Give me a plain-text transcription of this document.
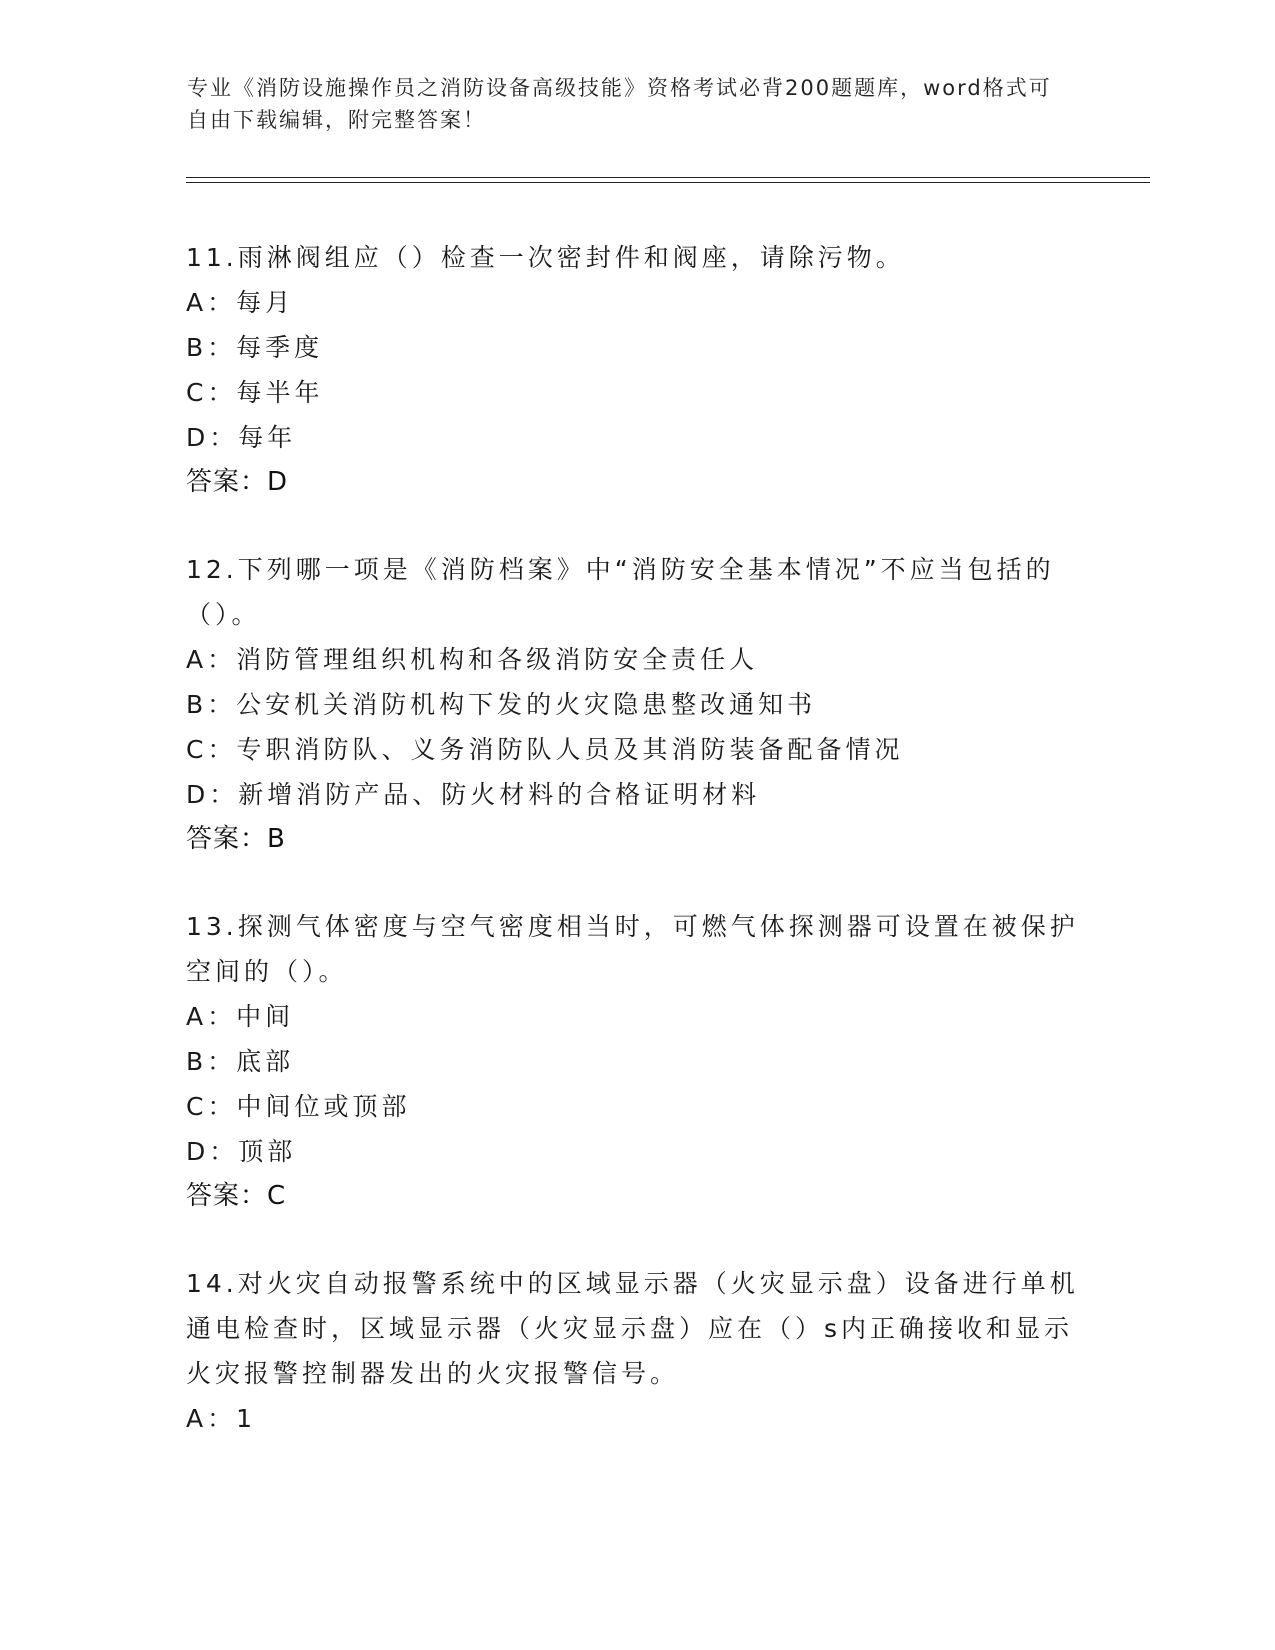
专业《消防设施操作员之消防设备高级技能》资格考试必背200题题库，word格式可自由下载编辑，附完整答案！

11.雨淋阀组应（）检查一次密封件和阀座，请除污物。

A：每月

B：每季度

C：每半年

D：每年

答案：D

12.下列哪一项是《消防档案》中“消防安全基本情况”不应当包括的（）。

A：消防管理组织机构和各级消防安全责任人

B：公安机关消防机构下发的火灾隐患整改通知书

C：专职消防队、义务消防队人员及其消防装备配备情况

D：新增消防产品、防火材料的合格证明材料

答案：B

13.探测气体密度与空气密度相当时，可燃气体探测器可设置在被保护空间的（）。

A：中间

B：底部

C：中间位或顶部

D：顶部

答案：C

14.对火灾自动报警系统中的区域显示器（火灾显示盘）设备进行单机通电检查时，区域显示器（火灾显示盘）应在（）s内正确接收和显示火灾报警控制器发出的火灾报警信号。

A：1
